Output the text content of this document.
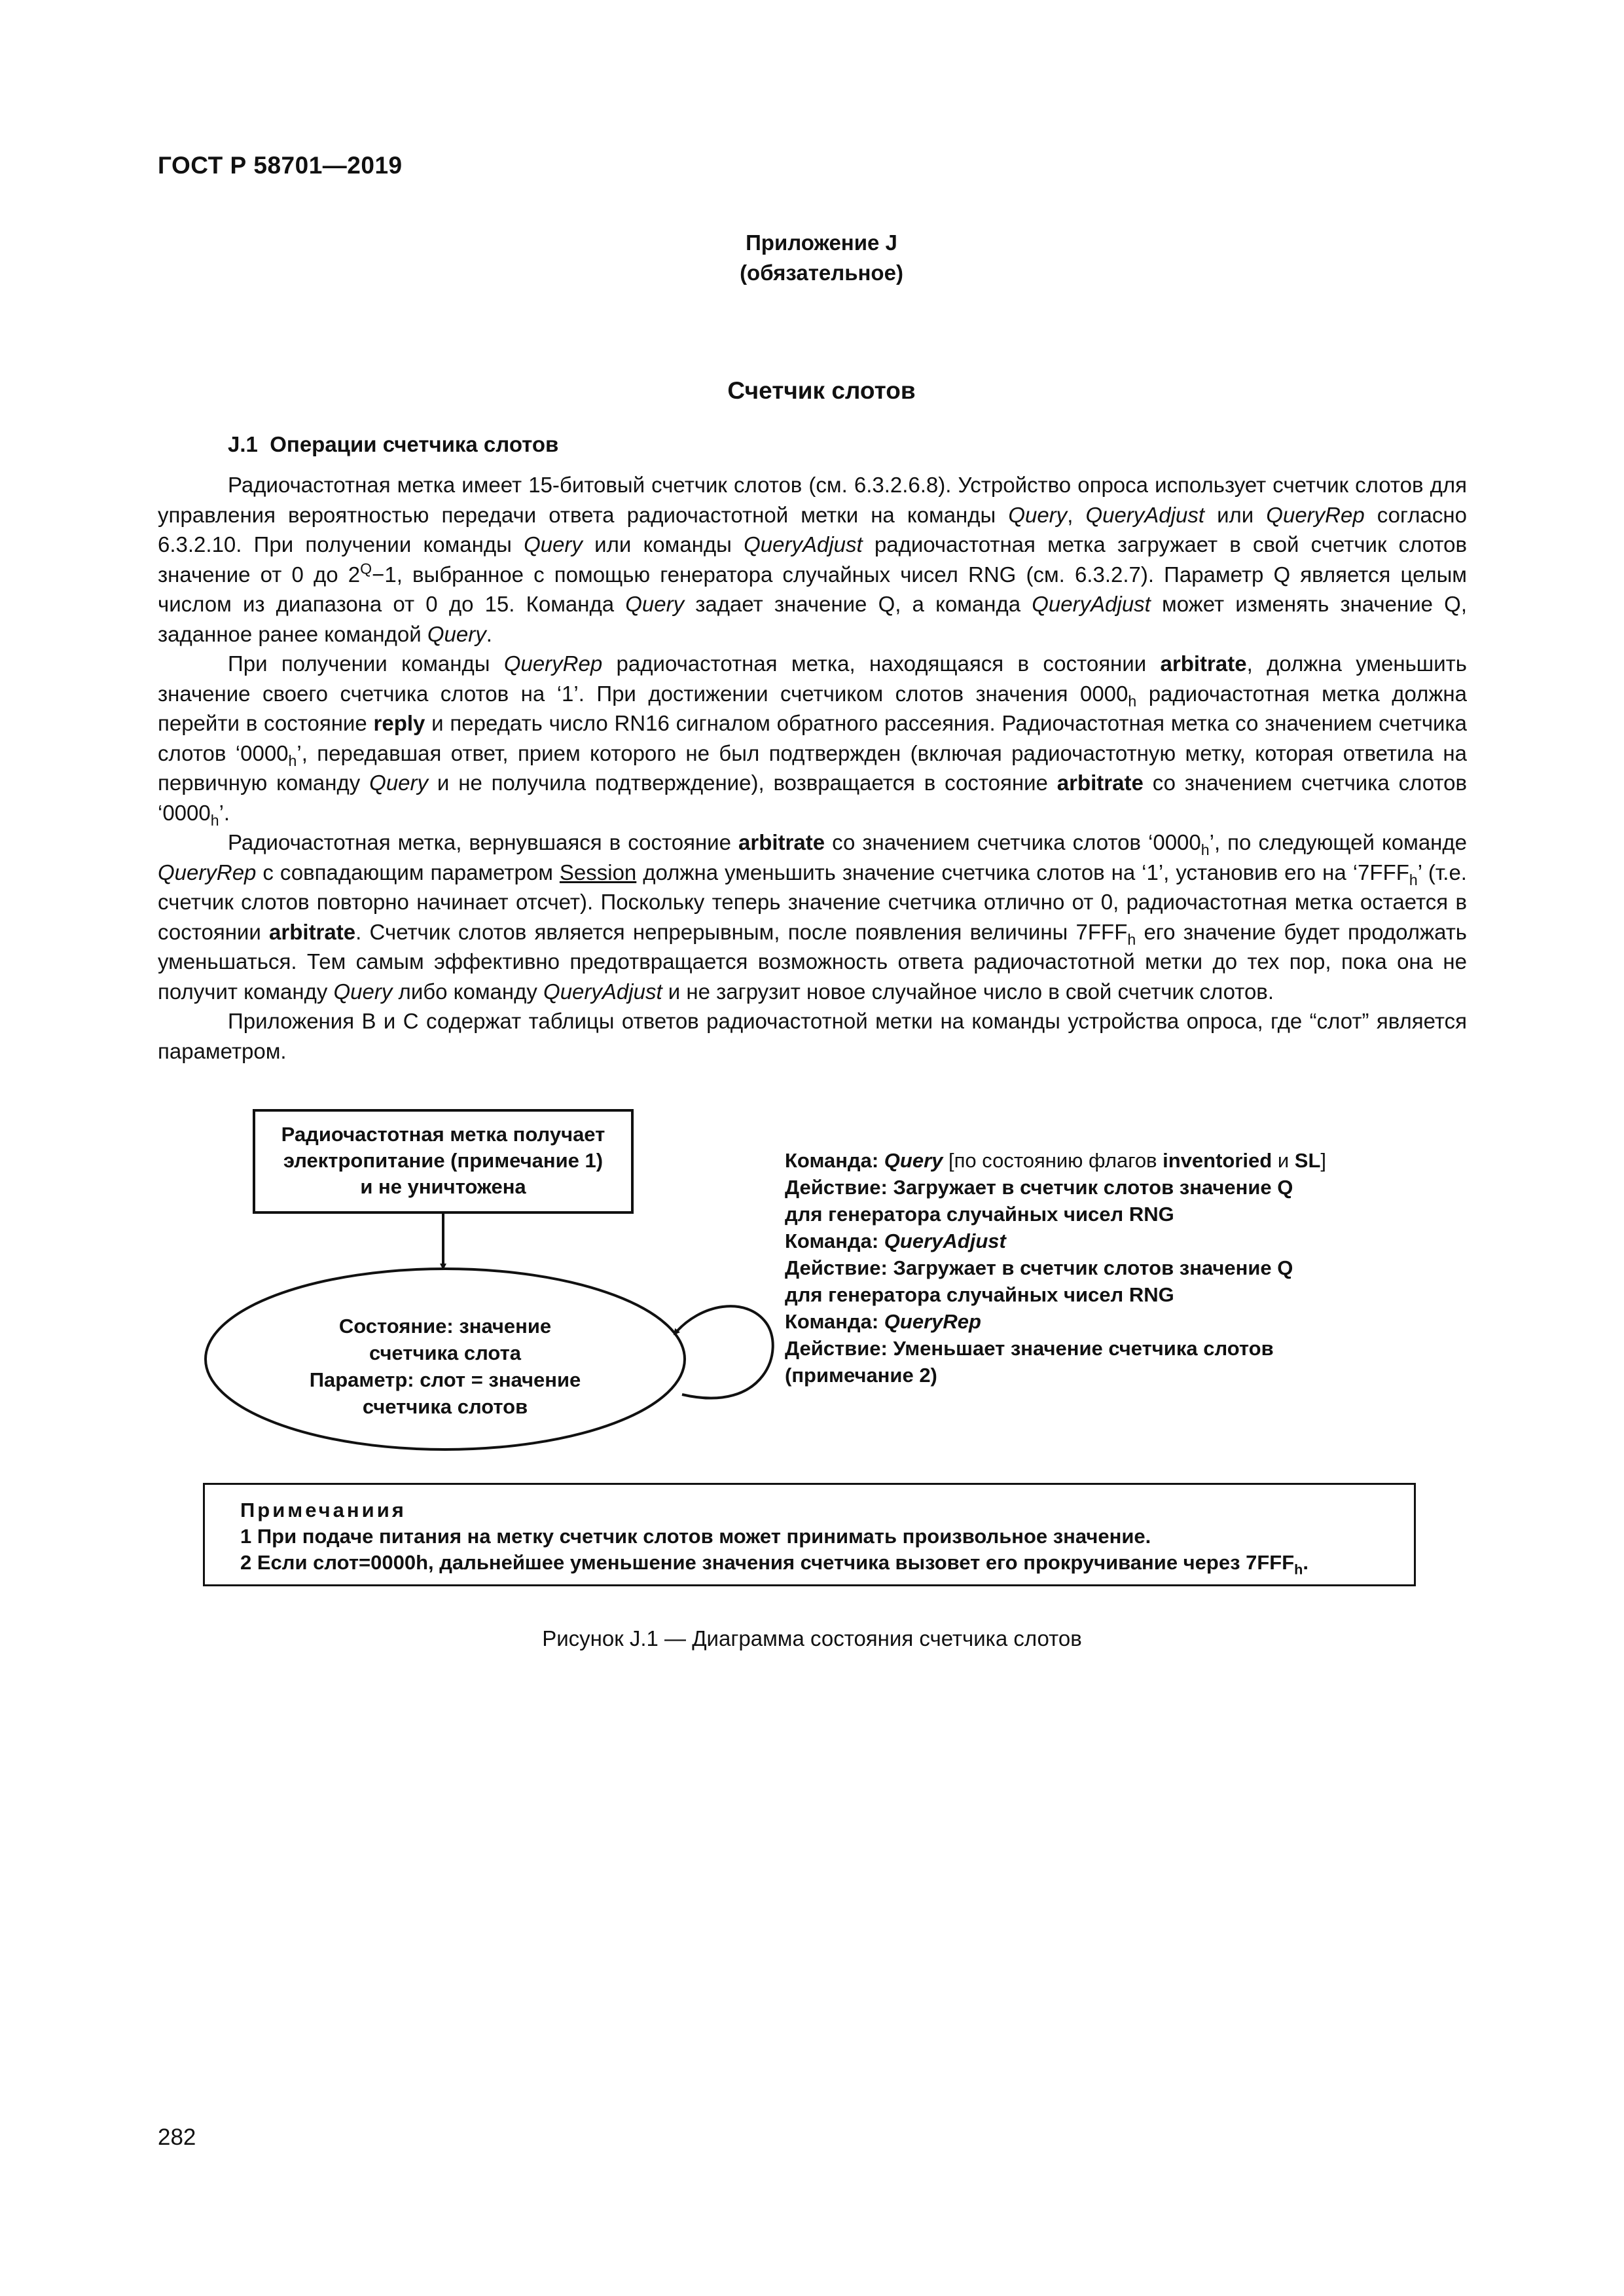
ГОСТ Р 58701—2019
Приложение J
(обязательное)
Счетчик слотов
J.1 Операции счетчика слотов

Радиочастотная метка имеет 15-битовый счетчик слотов (см. 6.3.2.6.8). Устройство опроса использует счетчик слотов для управления вероятностью передачи ответа радиочастотной метки на команды Query, QueryAdjust или QueryRep согласно 6.3.2.10. При получении команды Query или команды QueryAdjust радиочастотная метка загружает в свой счетчик слотов значение от 0 до $2^Q-1$, выбранное с помощью генератора случайных чисел RNG (см. 6.3.2.7). Параметр Q является целым числом из диапазона от 0 до 15. Команда Query задает значение Q, а команда QueryAdjust может изменять значение Q, заданное ранее командой Query.

При получении команды QueryRep радиочастотная метка, находящаяся в состоянии arbitrate, должна уменьшить значение своего счетчика слотов на ‘1’. При достижении счетчиком слотов значения $0000_h$ радиочастотная метка должна перейти в состояние reply и передать число RN16 сигналом обратного рассеяния. Радиочастотная метка со значением счетчика слотов ‘$0000_h$’, передавшая ответ, прием которого не был подтвержден (включая радиочастотную метку, которая ответила на первичную команду Query и не получила подтверждение), возвращается в состояние arbitrate со значением счетчика слотов ‘$0000_h$’.

Радиочастотная метка, вернувшаяся в состояние arbitrate со значением счетчика слотов ‘$0000_h$’, по следующей команде QueryRep с совпадающим параметром Session должна уменьшить значение счетчика слотов на ‘1’, установив его на ‘$7FFF_h$’ (т.е. счетчик слотов повторно начинает отсчет). Поскольку теперь значение счетчика отлично от 0, радиочастотная метка остается в состоянии arbitrate. Счетчик слотов является непрерывным, после появления величины $7FFF_h$ его значение будет продолжать уменьшаться. Тем самым эффективно предотвращается возможность ответа радиочастотной метки до тех пор, пока она не получит команду Query либо команду QueryAdjust и не загрузит новое случайное число в свой счетчик слотов.

Приложения В и С содержат таблицы ответов радиочастотной метки на команды устройства опроса, где “слот” является параметром.

Радиочастотная метка получает
электропитание (примечание 1)
и не уничтожена
Состояние: значение
счетчика слота
Параметр: слот = значение
счетчика слотов
Команда: Query [по состоянию флагов inventoried и SL]
Действие: Загружает в счетчик слотов значение Q
для генератора случайных чисел RNG
Команда: QueryAdjust
Действие: Загружает в счетчик слотов значение Q
для генератора случайных чисел RNG
Команда: QueryRep
Действие: Уменьшает значение счетчика слотов
(примечание 2)
Примечаниия
1 При подаче питания на метку счетчик слотов может принимать произвольное значение.
2 Если слот=0000h, дальнейшее уменьшение значения счетчика вызовет его прокручивание через $7FFF_h$.
Рисунок J.1 — Диаграмма состояния счетчика слотов
282
